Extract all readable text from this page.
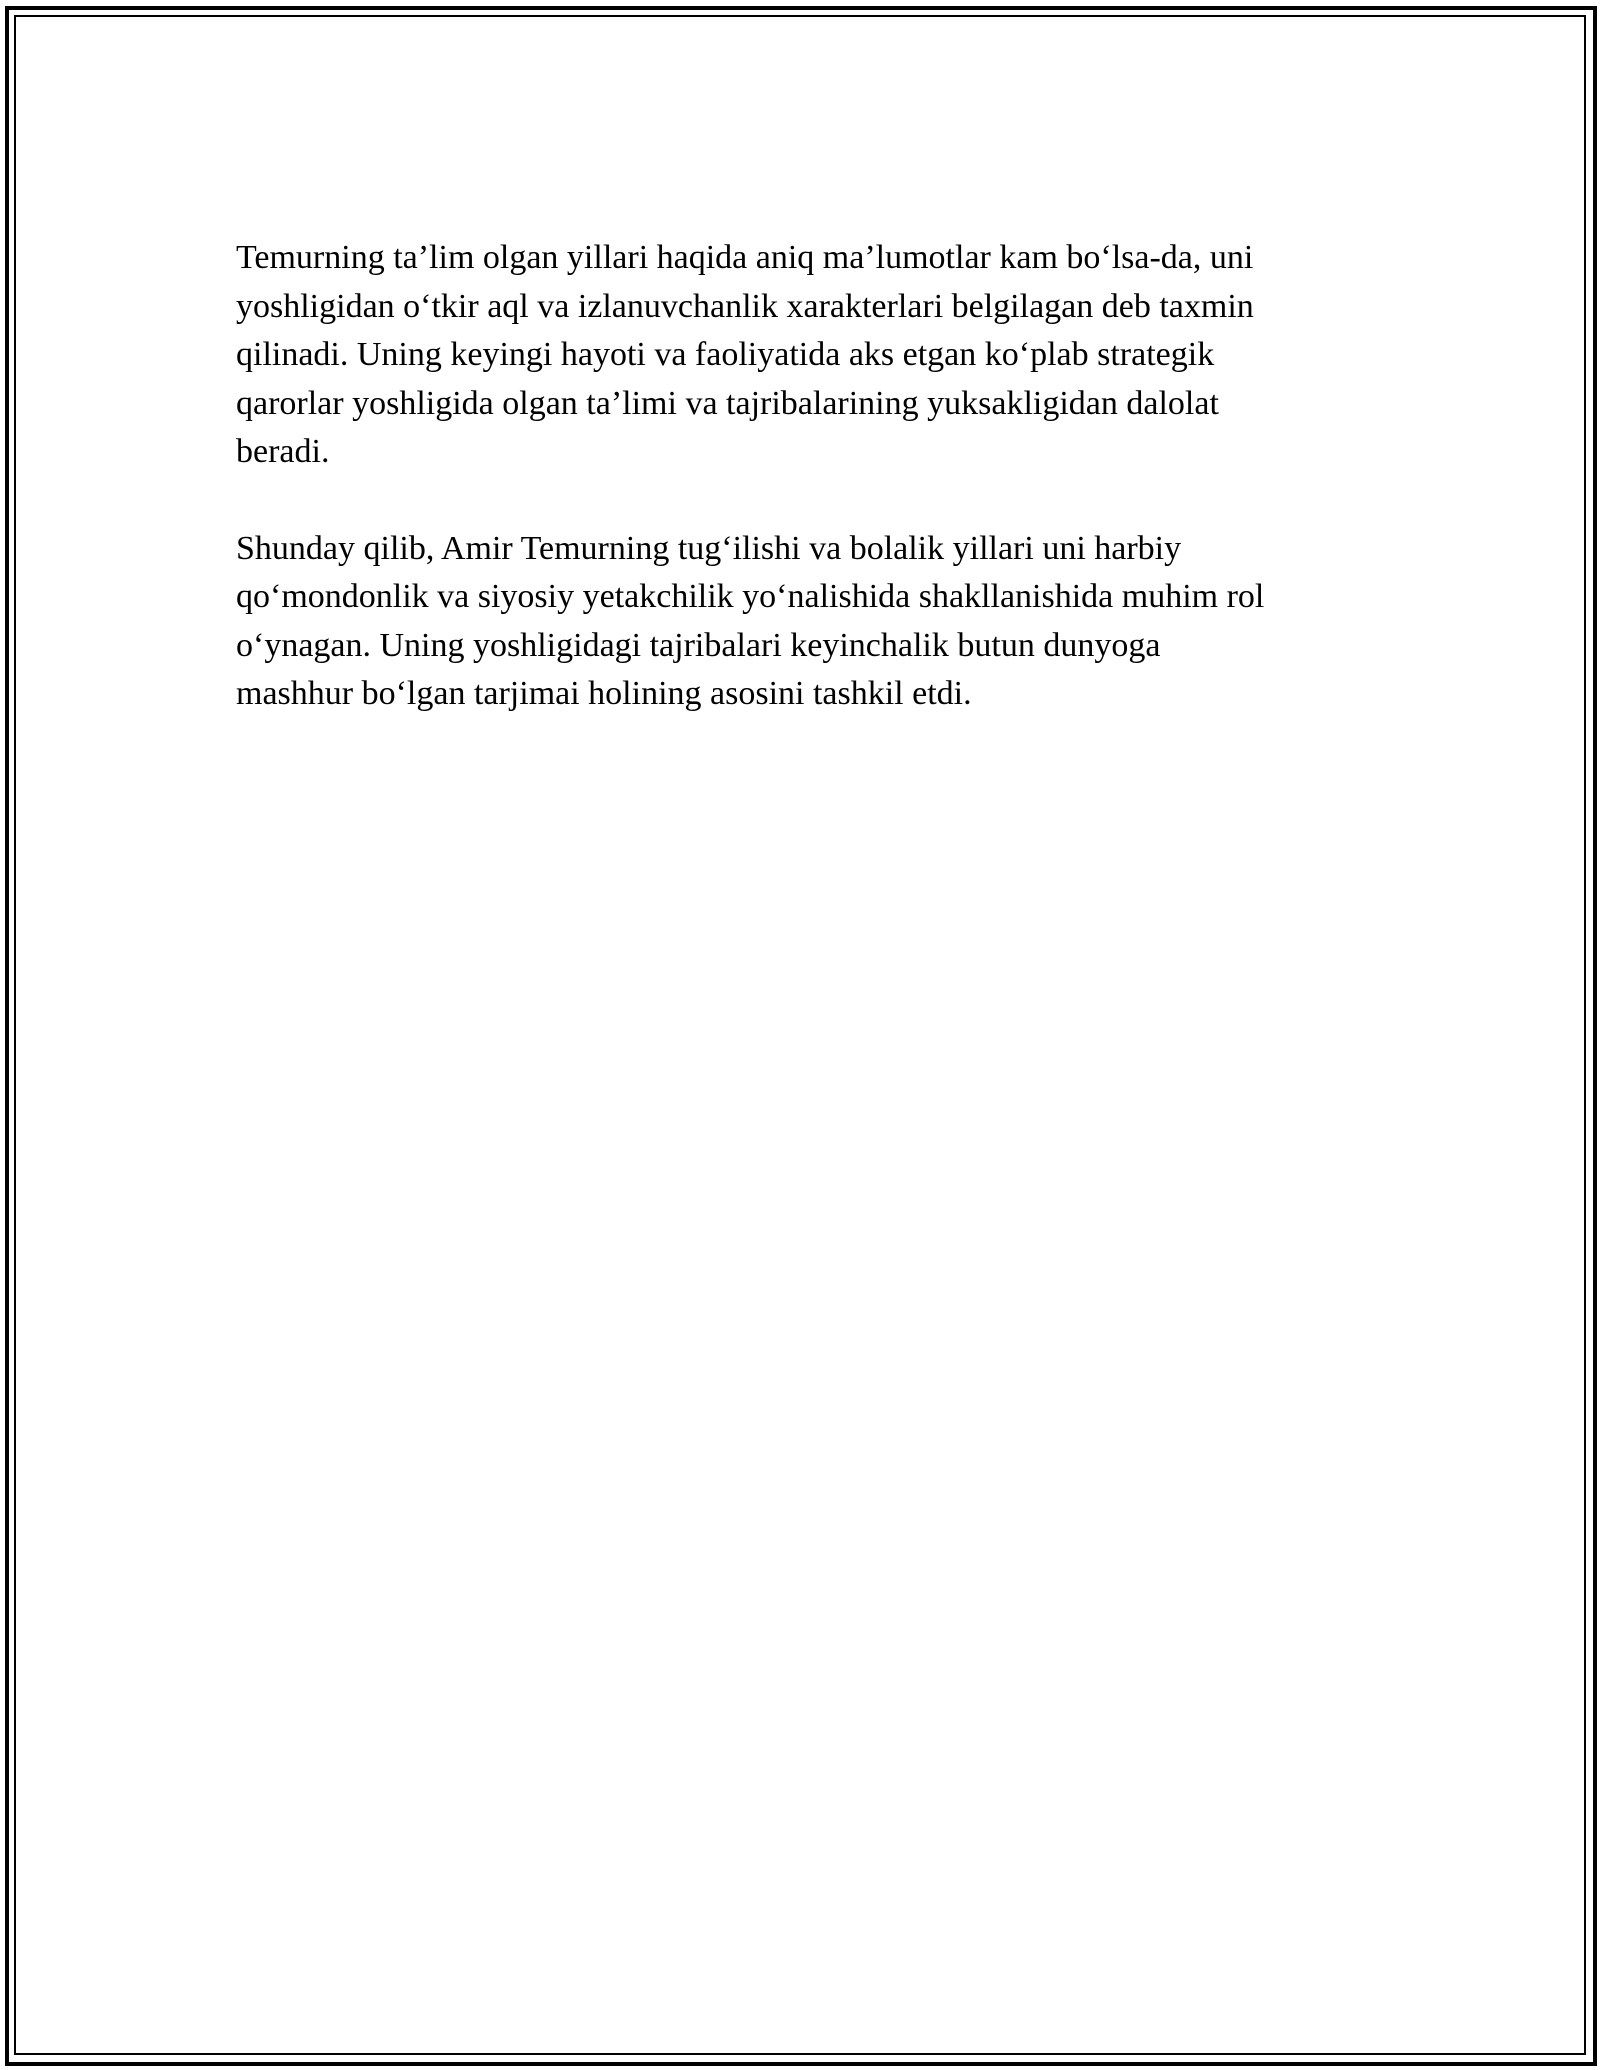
Temurning ta’lim olgan yillari haqida aniq ma’lumotlar kam bo‘lsa-da, uni
yoshligidan o‘tkir aql va izlanuvchanlik xarakterlari belgilagan deb taxmin
qilinadi. Uning keyingi hayoti va faoliyatida aks etgan ko‘plab strategik
qarorlar yoshligida olgan ta’limi va tajribalarining yuksakligidan dalolat
beradi.

Shunday qilib, Amir Temurning tug‘ilishi va bolalik yillari uni harbiy
qo‘mondonlik va siyosiy yetakchilik yo‘nalishida shakllanishida muhim rol
o‘ynagan. Uning yoshligidagi tajribalari keyinchalik butun dunyoga
mashhur bo‘lgan tarjimai holining asosini tashkil etdi.
